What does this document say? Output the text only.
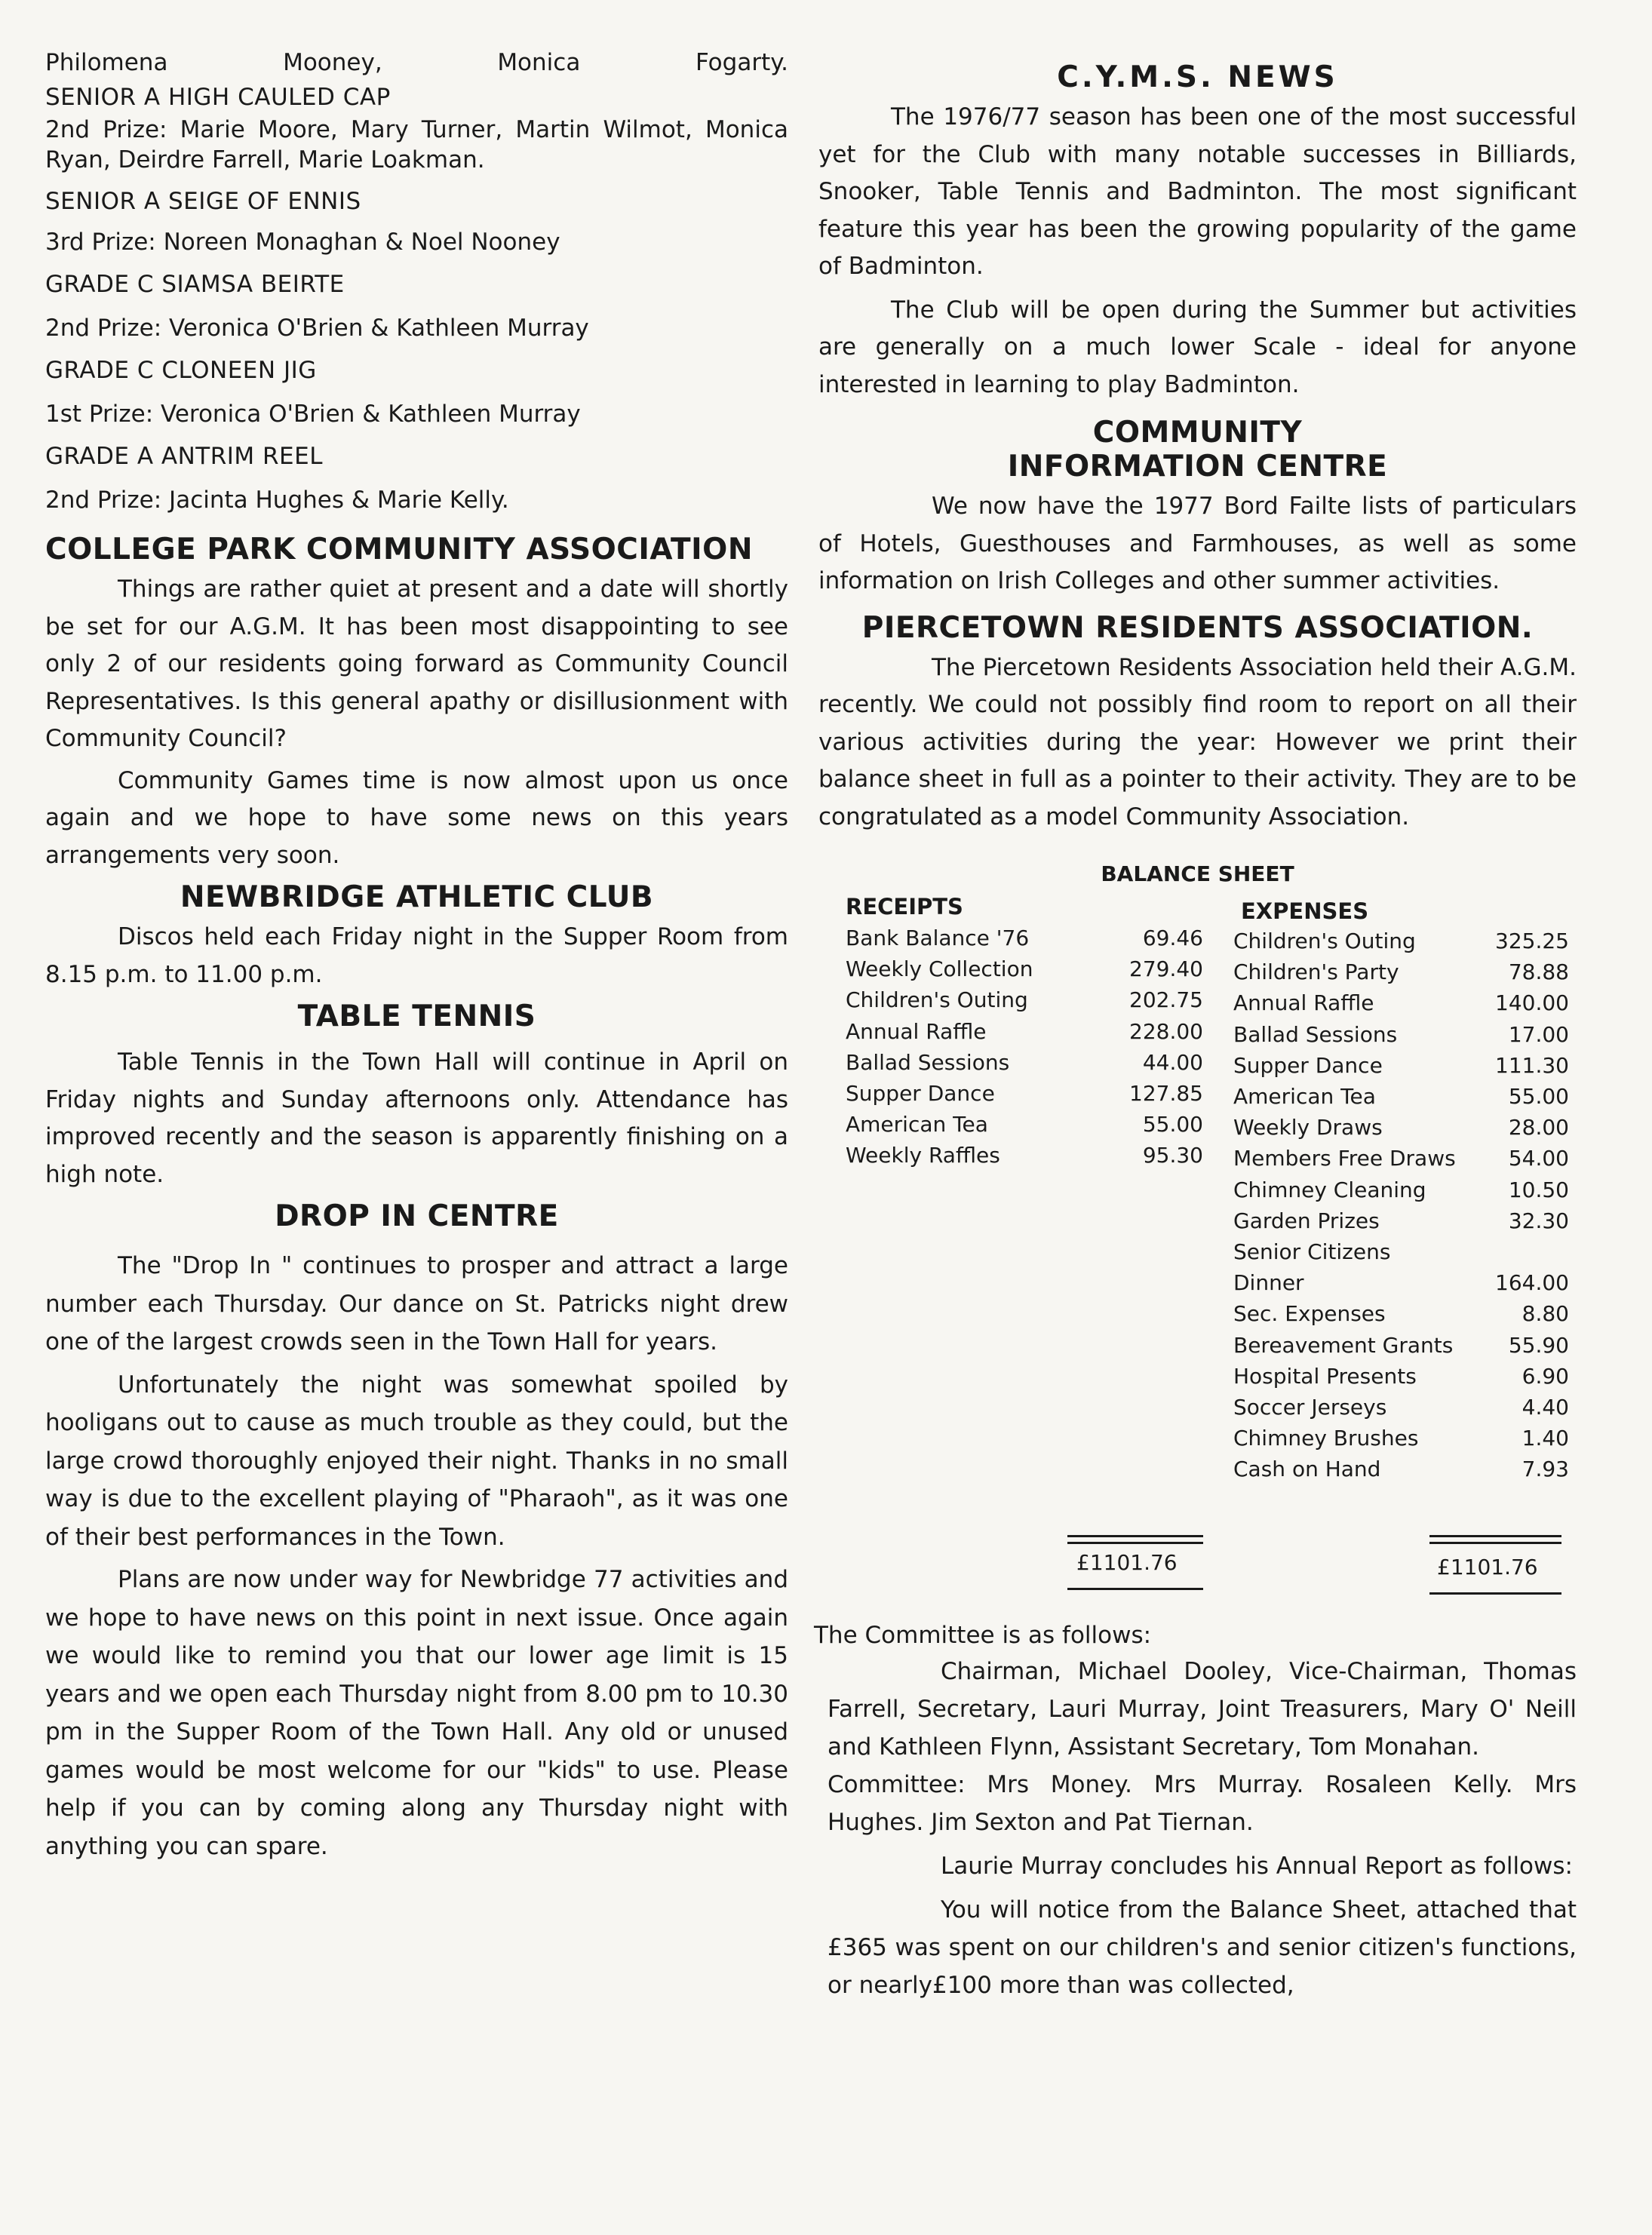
Philomena	Mooney,	Monica	Fogarty.

SENIOR A HIGH CAULED CAP

2nd Prize: Marie Moore, Mary Turner, Martin Wilmot, Monica Ryan, Deirdre Farrell, Marie Loakman.

SENIOR A SEIGE OF ENNIS

3rd Prize: Noreen Monaghan & Noel Nooney

GRADE C SIAMSA BEIRTE

2nd Prize: Veronica O'Brien & Kathleen Murray

GRADE C CLONEEN JIG

1st Prize: Veronica O'Brien & Kathleen Murray

GRADE A ANTRIM REEL

2nd Prize: Jacinta Hughes & Marie Kelly.

COLLEGE PARK COMMUNITY ASSOCIATION

Things are rather quiet at present and a date will shortly be set for our A.G.M. It has been most disappointing to see only 2 of our residents going forward as Community Council Representatives. Is this general apathy or disillusionment with Community Council?

Community Games time is now almost upon us once again and we hope to have some news on this years arrangements very soon.

NEWBRIDGE ATHLETIC CLUB

Discos held each Friday night in the Supper Room from 8.15 p.m. to 11.00 p.m.

TABLE TENNIS

Table Tennis in the Town Hall will continue in April on Friday nights and Sunday afternoons only. Attendance has improved recently and the season is apparently finishing on a high note.

DROP IN CENTRE

The "Drop In " continues to prosper and attract a large number each Thursday. Our dance on St. Patricks night drew one of the largest crowds seen in the Town Hall for years.

Unfortunately the night was somewhat spoiled by hooligans out to cause as much trouble as they could, but the large crowd thoroughly enjoyed their night. Thanks in no small way is due to the excellent playing of "Pharaoh", as it was one of their best performances in the Town.

Plans are now under way for Newbridge 77 activities and we hope to have news on this point in next issue. Once again we would like to remind you that our lower age limit is 15 years and we open each Thursday night from 8.00 pm to 10.30 pm in the Supper Room of the Town Hall. Any old or unused games would be most welcome for our "kids" to use. Please help if you can by coming along any Thursday night with anything you can spare.

C.Y.M.S. NEWS

The 1976/77 season has been one of the most successful yet for the Club with many notable successes in Billiards, Snooker, Table Tennis and Badminton. The most significant feature this year has been the growing popularity of the game of Badminton.

The Club will be open during the Summer but activities are generally on a much lower Scale - ideal for anyone interested in learning to play Badminton.

COMMUNITY
INFORMATION CENTRE

We now have the 1977 Bord Failte lists of particulars of Hotels, Guesthouses and Farmhouses, as well as some information on Irish Colleges and other summer activities.

PIERCETOWN RESIDENTS ASSOCIATION.

The Piercetown Residents Association held their A.G.M. recently. We could not possibly find room to report on all their various activities during the year: However we print their balance sheet in full as a pointer to their activity. They are to be congratulated as a model Community Association.

BALANCE SHEET
RECEIPTS	EXPENSES
Bank Balance '76	69.46
Weekly Collection	279.40
Children's Outing	202.75
Annual Raffle	228.00
Ballad Sessions	44.00
Supper Dance	127.85
American Tea	55.00
Weekly Raffles	95.30
Children's Outing	325.25
Children's Party	78.88
Annual Raffle	140.00
Ballad Sessions	17.00
Supper Dance	111.30
American Tea	55.00
Weekly Draws	28.00
Members Free Draws	54.00
Chimney Cleaning	10.50
Garden Prizes	32.30
Senior Citizens
Dinner	164.00
Sec. Expenses	8.80
Bereavement Grants	55.90
Hospital Presents	6.90
Soccer Jerseys	4.40
Chimney Brushes	1.40
Cash on Hand	7.93
£1101.76	£1101.76

The Committee is as follows:

Chairman, Michael Dooley, Vice-Chairman, Thomas Farrell, Secretary, Lauri Murray, Joint Treasurers, Mary O' Neill and Kathleen Flynn, Assistant Secretary, Tom Monahan.

Committee: Mrs Money. Mrs Murray. Rosaleen Kelly. Mrs Hughes. Jim Sexton and Pat Tiernan.

Laurie Murray concludes his Annual Report as follows:

You will notice from the Balance Sheet, attached that £365 was spent on our children's and senior citizen's functions, or nearly£100 more than was collected,
